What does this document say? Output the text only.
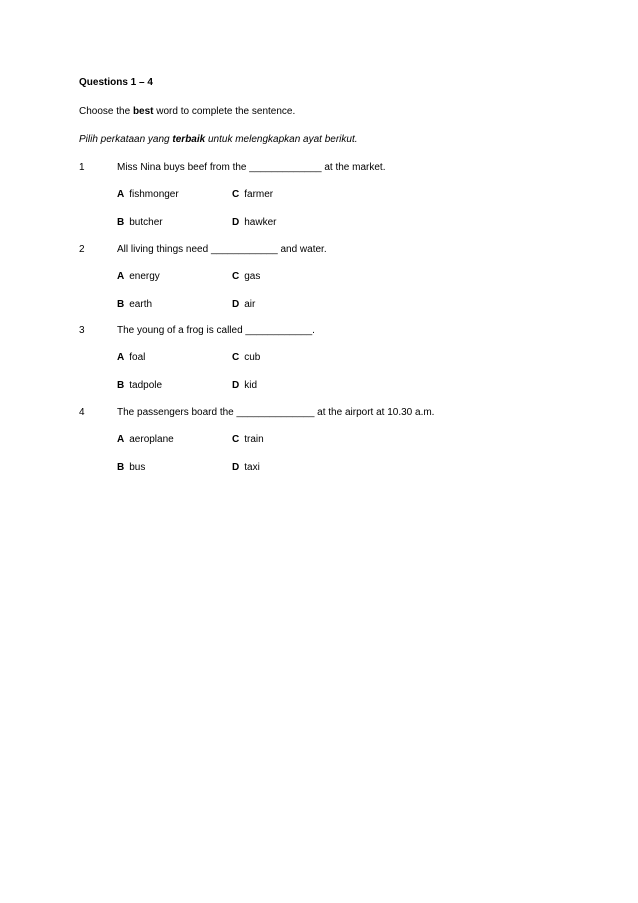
Questions 1 – 4
Choose the best word to complete the sentence.
Pilih perkataan yang terbaik untuk melengkapkan ayat berikut.
1	Miss Nina buys beef from the _____________ at the market.
A fishmonger
B butcher
C farmer
D hawker
2	All living things need ____________ and water.
A energy
B earth
C gas
D air
3	The young of a frog is called ____________.
A foal
B tadpole
C cub
D kid
4	The passengers board the ______________ at the airport at 10.30 a.m.
A aeroplane
B bus
C train
D taxi
